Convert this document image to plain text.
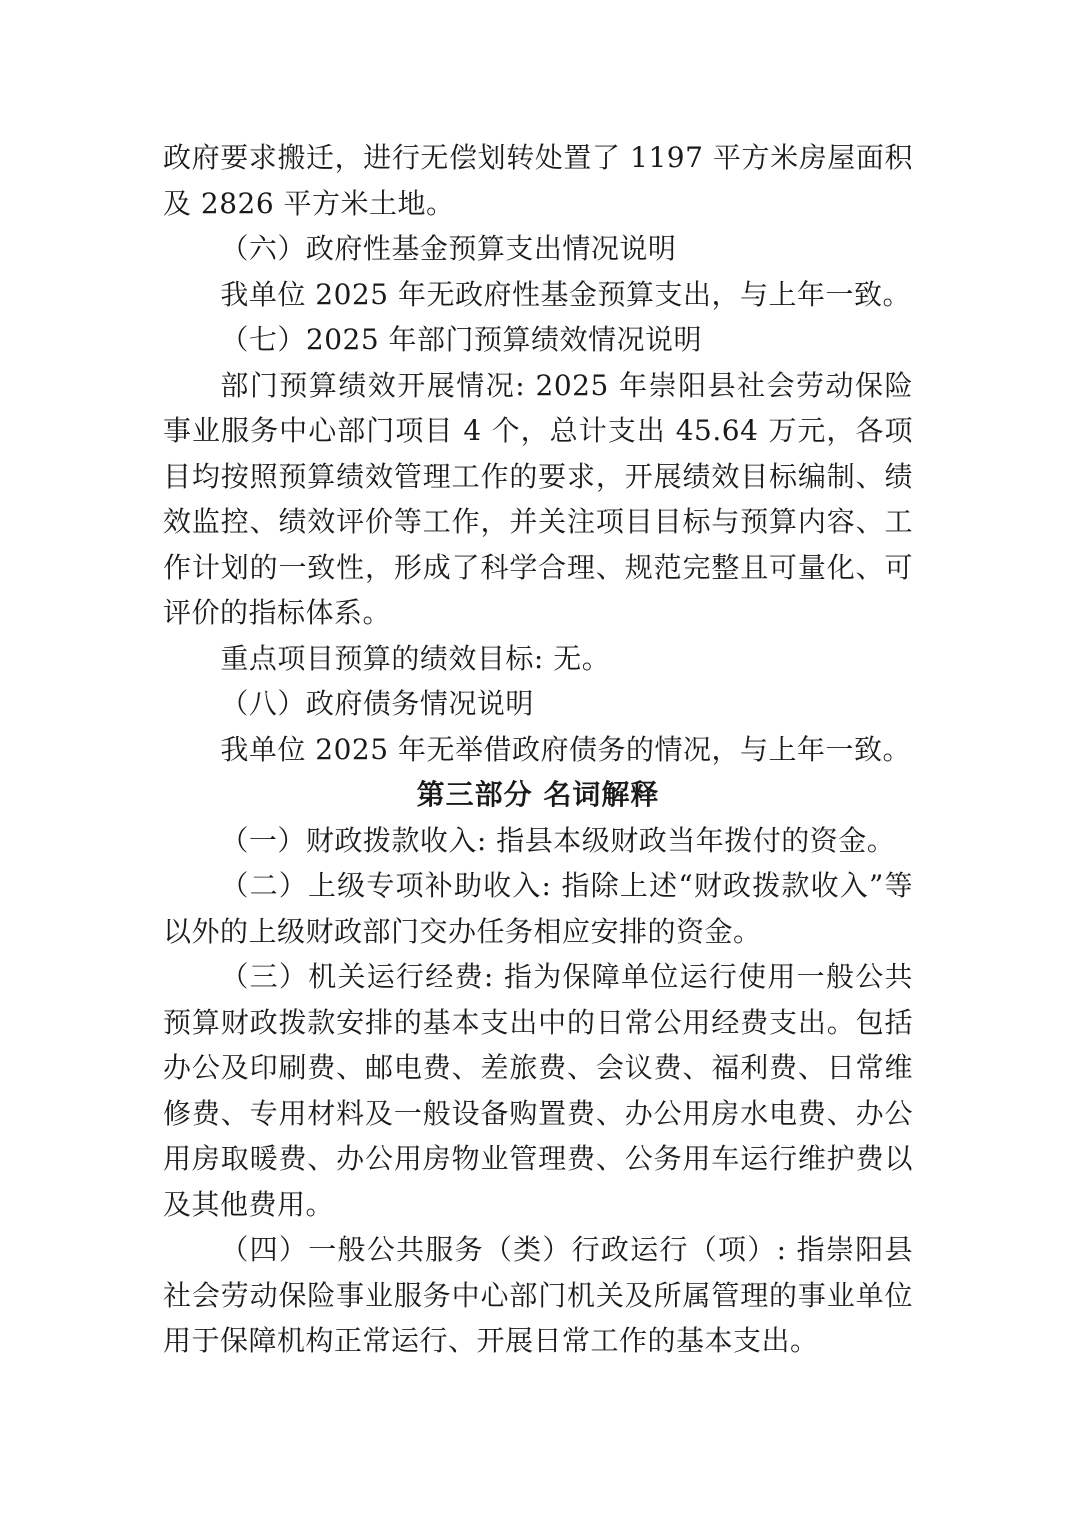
政府要求搬迁，进行无偿划转处置了 1197 平方米房屋面积及 2826 平方米土地。

（六）政府性基金预算支出情况说明

我单位 2025 年无政府性基金预算支出，与上年一致。

（七）2025 年部门预算绩效情况说明

部门预算绩效开展情况: 2025 年崇阳县社会劳动保险事业服务中心部门项目 4 个，总计支出 45.64 万元，各项目均按照预算绩效管理工作的要求，开展绩效目标编制、绩效监控、绩效评价等工作，并关注项目目标与预算内容、工作计划的一致性，形成了科学合理、规范完整且可量化、可评价的指标体系。

重点项目预算的绩效目标: 无。

（八）政府债务情况说明

我单位 2025 年无举借政府债务的情况，与上年一致。

第三部分 名词解释

（一）财政拨款收入: 指县本级财政当年拨付的资金。

（二）上级专项补助收入: 指除上述“财政拨款收入”等以外的上级财政部门交办任务相应安排的资金。

（三）机关运行经费: 指为保障单位运行使用一般公共预算财政拨款安排的基本支出中的日常公用经费支出。包括办公及印刷费、邮电费、差旅费、会议费、福利费、日常维修费、专用材料及一般设备购置费、办公用房水电费、办公用房取暖费、办公用房物业管理费、公务用车运行维护费以及其他费用。

（四）一般公共服务（类）行政运行（项）: 指崇阳县社会劳动保险事业服务中心部门机关及所属管理的事业单位用于保障机构正常运行、开展日常工作的基本支出。
